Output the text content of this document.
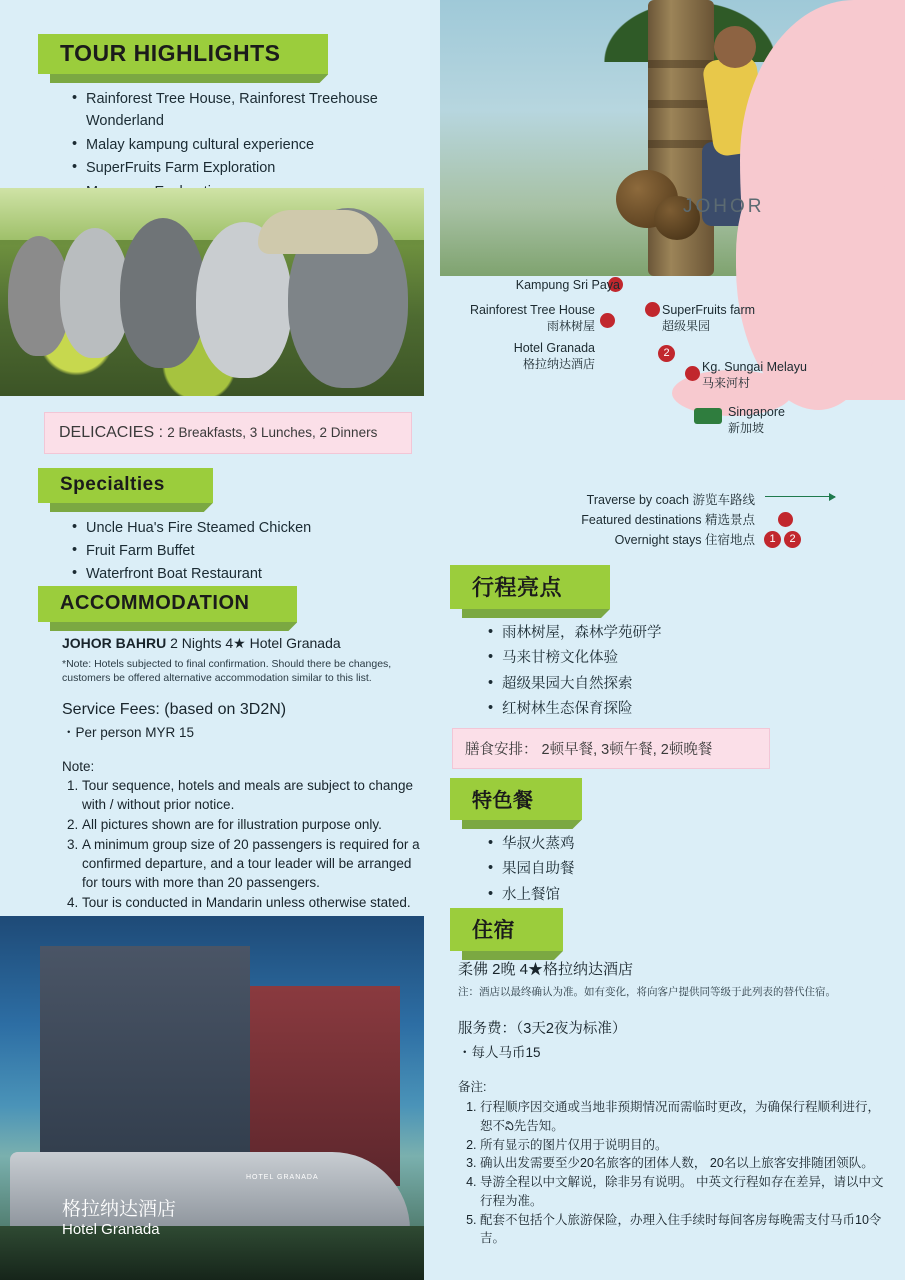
TOUR HIGHLIGHTS
• Rainforest Tree House, Rainforest Treehouse Wonderland
• Malay kampung cultural experience
• SuperFruits Farm Exploration
•
DELICACIES : 2 Breakfasts, 3 Lunches, 2 Dinners
Specialties
• Uncle Hua's Fire Steamed Chicken
• Fruit Farm Buffet
• Waterfront Boat Restaurant
ACCOMMODATION
JOHOR BAHRU 2 Nights 4★ Hotel Granada
*Note: Hotels subjected to final confirmation. Should there be changes, customers be offered alternative accommodation similar to this list.
Service Fees: (based on 3D2N)
・Per person MYR 15
Note:
1. Tour sequence, hotels and meals are subject to change with / without prior notice.
2. All pictures shown are for illustration purpose only.
3. A minimum group size of 20 passengers is required for a confirmed departure, and a tour leader will be arranged for tours with more than 20 passengers.
4. Tour is conducted in Mandarin unless otherwise stated.
5.
HOTEL GRANADA
格拉纳达酒店
Hotel Granada
JOHOR
2
Kampung Sri Paya
Rainforest Tree House
雨林树屋
SuperFruits farm
超级果园
Hotel Granada
格拉纳达酒店	Kg. Sungai Melayu
马来河村
Singapore
新加坡
Traverse by coach 游览车路线
Featured destinations 精选景点
Overnight stays 住宿地点	1	2
行程亮点
• 雨林树屋，森林学苑研学
• 马来甘榜文化体验
• 超级果园大自然探索
• 红树林生态保育探险
膳食安排： 2顿早餐, 3顿午餐, 2顿晚餐
特色餐
• 华叔火蒸鸡
• 果园自助餐
• 水上餐馆
住宿
柔佛 2晚 4★格拉纳达酒店
注：酒店以最终确认为准。如有变化，将向客户提供同等级于此列表的替代住宿。
服务费：（3天2夜为标准）
・每人马币15
备注:
1. 行程顺序因交通或当地非预期情况而需临时更改，为确保行程顺利进行，恕不ని先告知。
2. 所有显示的图片仅用于说明目的。
3. 确认出发需要至少20名旅客的团体人数， 20名以上旅客安排随团领队。
4. 导游全程以中文解说，除非另有说明。 中英文行程如存在差异，请以中文行程为准。
5. 配套不包括个人旅游保险，办理入住手续时每间客房每晚需支付马币10令吉。
